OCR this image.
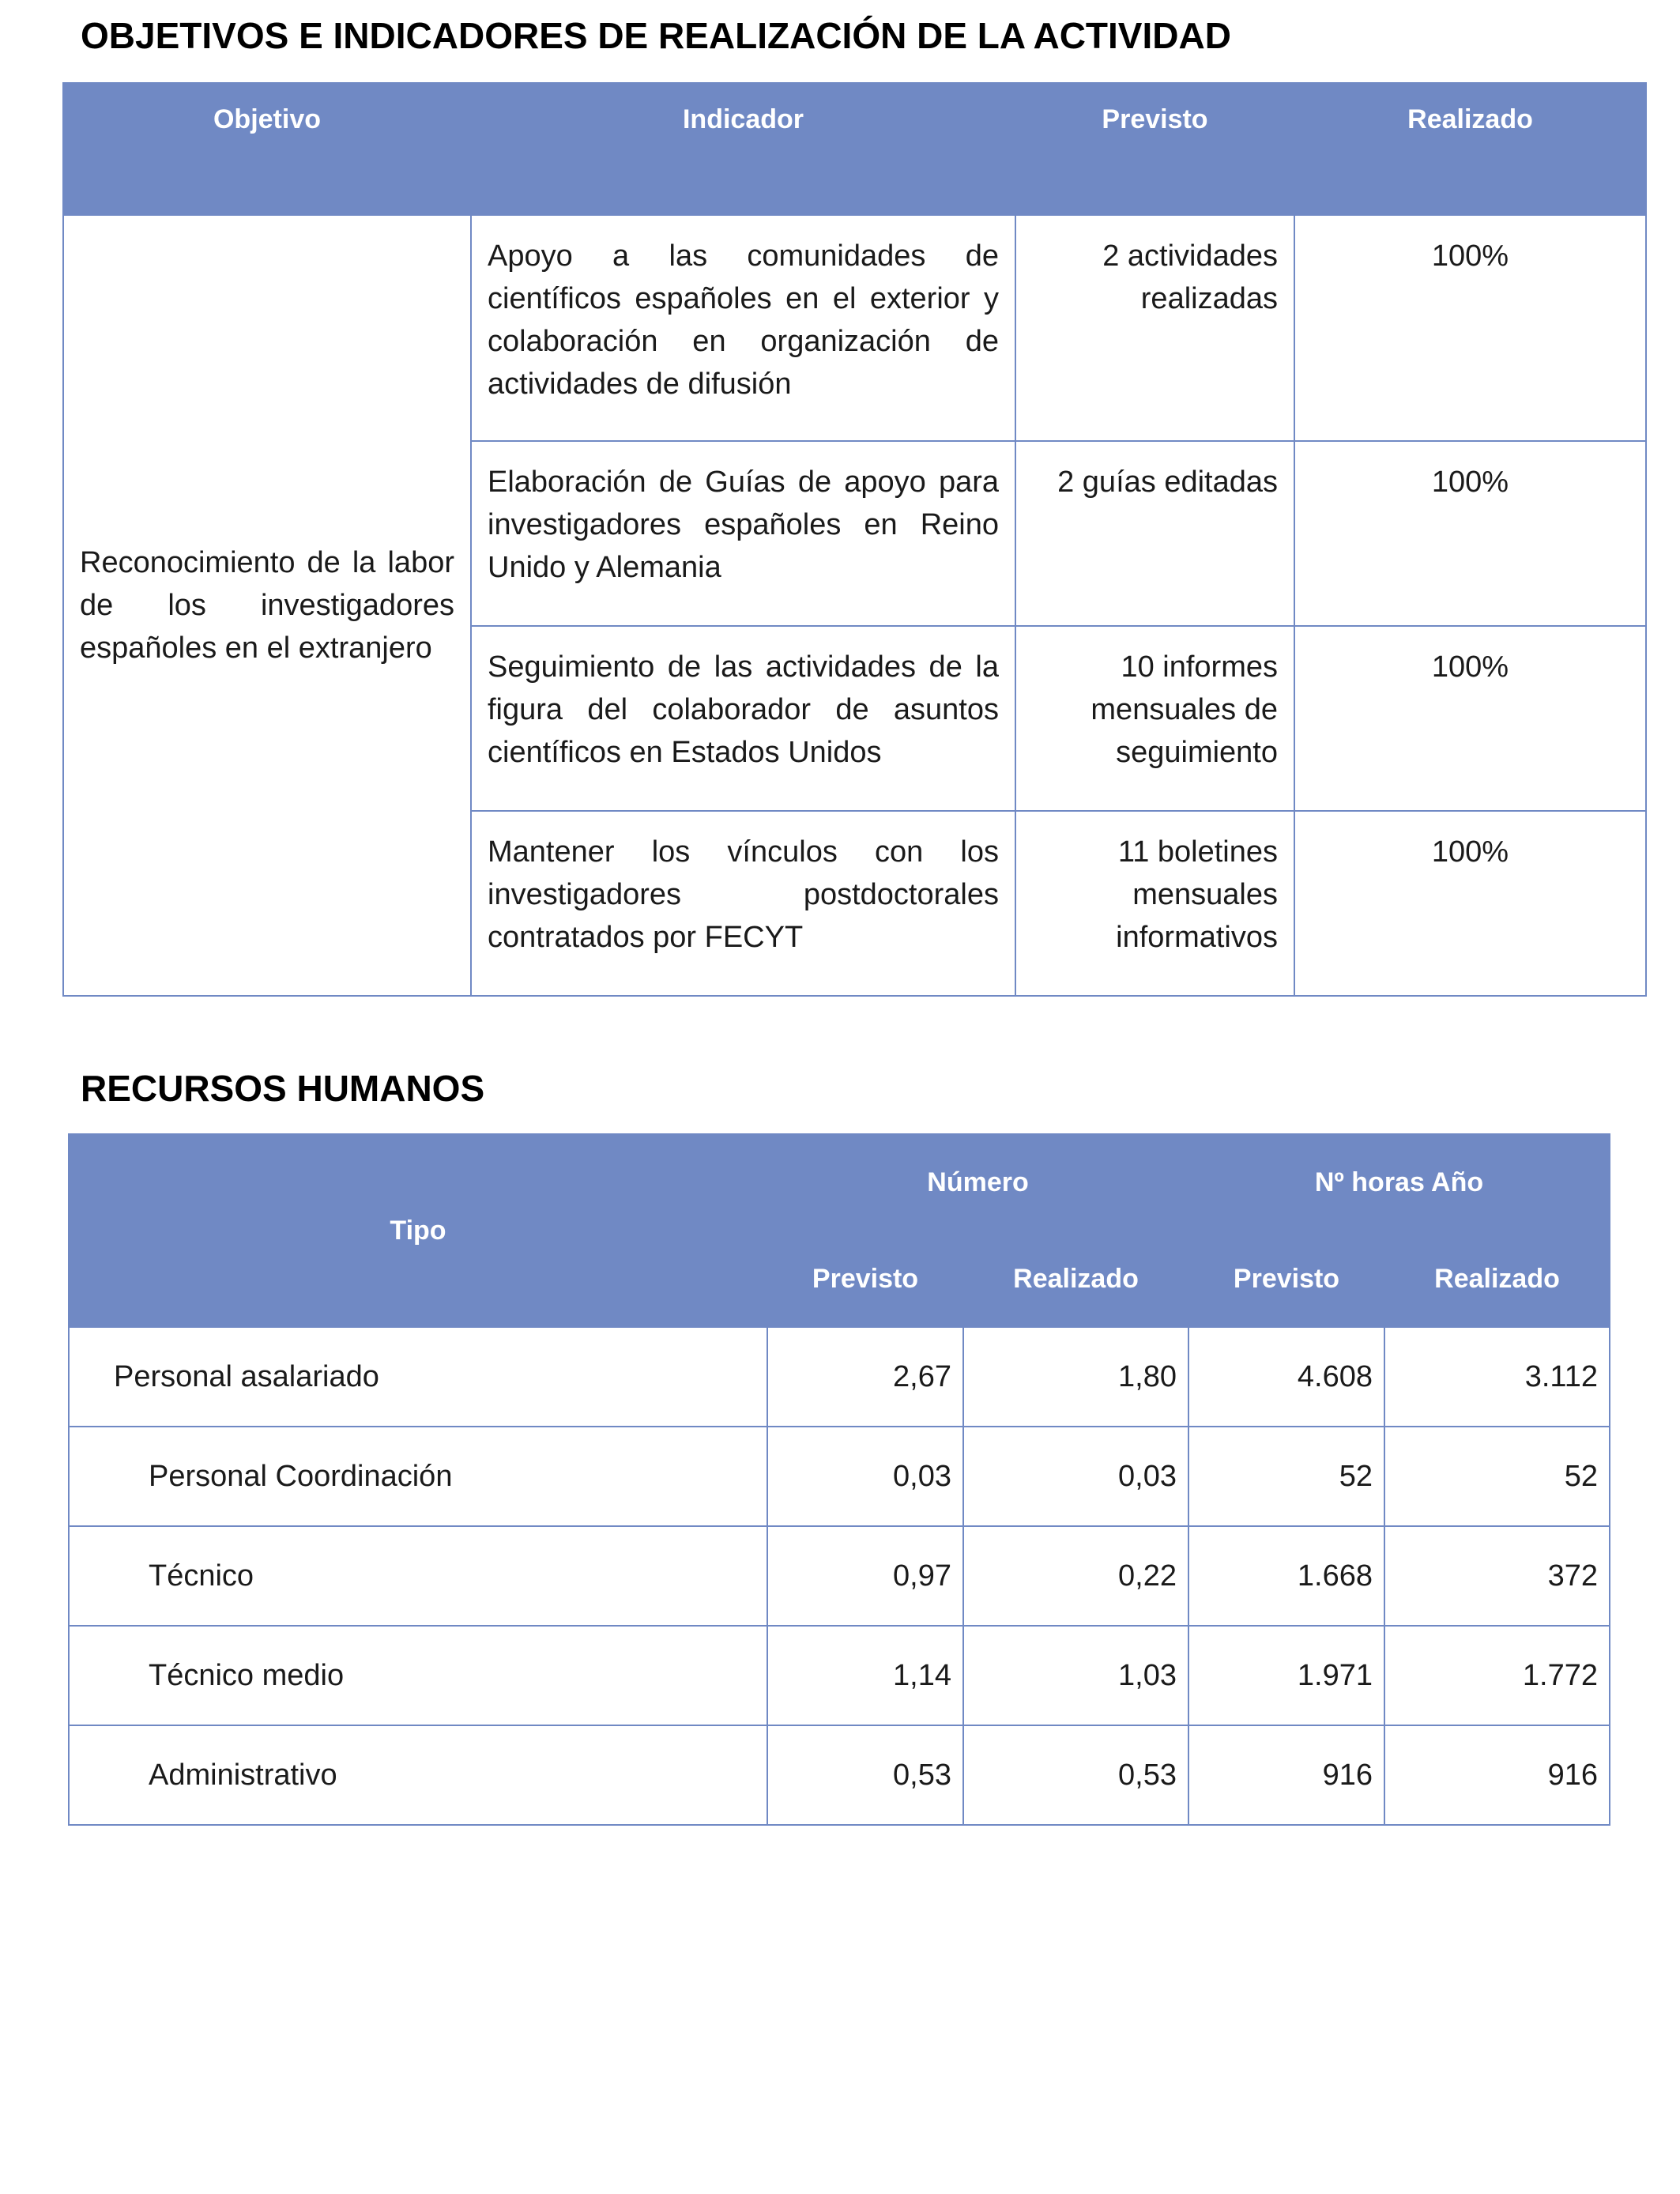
OBJETIVOS E INDICADORES DE REALIZACIÓN DE LA ACTIVIDAD
Objetivo	Indicador	Previsto	Realizado
Reconocimiento de la labor de los investigadores españoles en el extranjero	Apoyo a las comunidades de científicos españoles en el exterior y colaboración en organización de actividades de difusión	2 actividades realizadas	100%
	Elaboración de Guías de apoyo para investigadores españoles en Reino Unido y Alemania	2 guías editadas	100%
	Seguimiento de las actividades de la figura del colaborador de asuntos científicos en Estados Unidos	10 informes mensuales de seguimiento	100%
	Mantener los vínculos con los investigadores postdoctorales contratados por FECYT	11 boletines mensuales informativos	100%
RECURSOS HUMANOS
Tipo	Número		Nº horas Año	
	Previsto	Realizado	Previsto	Realizado
Personal asalariado	2,67	1,80	4.608	3.112
Personal Coordinación	0,03	0,03	52	52
Técnico	0,97	0,22	1.668	372
Técnico medio	1,14	1,03	1.971	1.772
Administrativo	0,53	0,53	916	916
